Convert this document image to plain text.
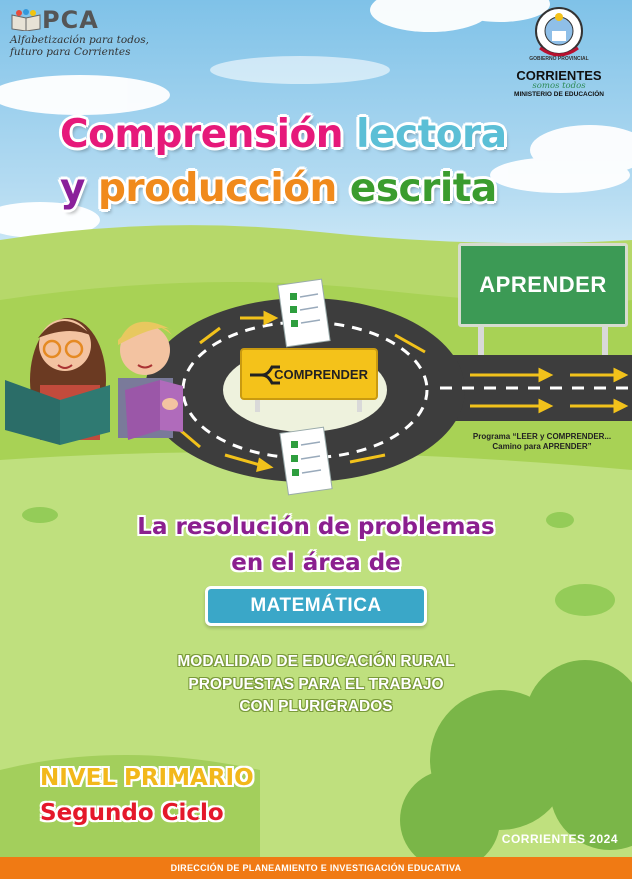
PCA
Alfabetización para todos,
futuro para Corrientes
GOBIERNO PROVINCIAL
CORRIENTES
somos todos
MINISTERIO DE EDUCACIÓN
Comprensión lectora
y producción escrita
APRENDER
COMPRENDER
Programa “LEER y COMPRENDER...
Camino para APRENDER”
La resolución de problemas
en el área de
MATEMÁTICA
MODALIDAD DE EDUCACIÓN RURAL
PROPUESTAS PARA EL TRABAJO
CON PLURIGRADOS
NIVEL PRIMARIO
Segundo Ciclo
CORRIENTES 2024
DIRECCIÓN DE PLANEAMIENTO E INVESTIGACIÓN EDUCATIVA
